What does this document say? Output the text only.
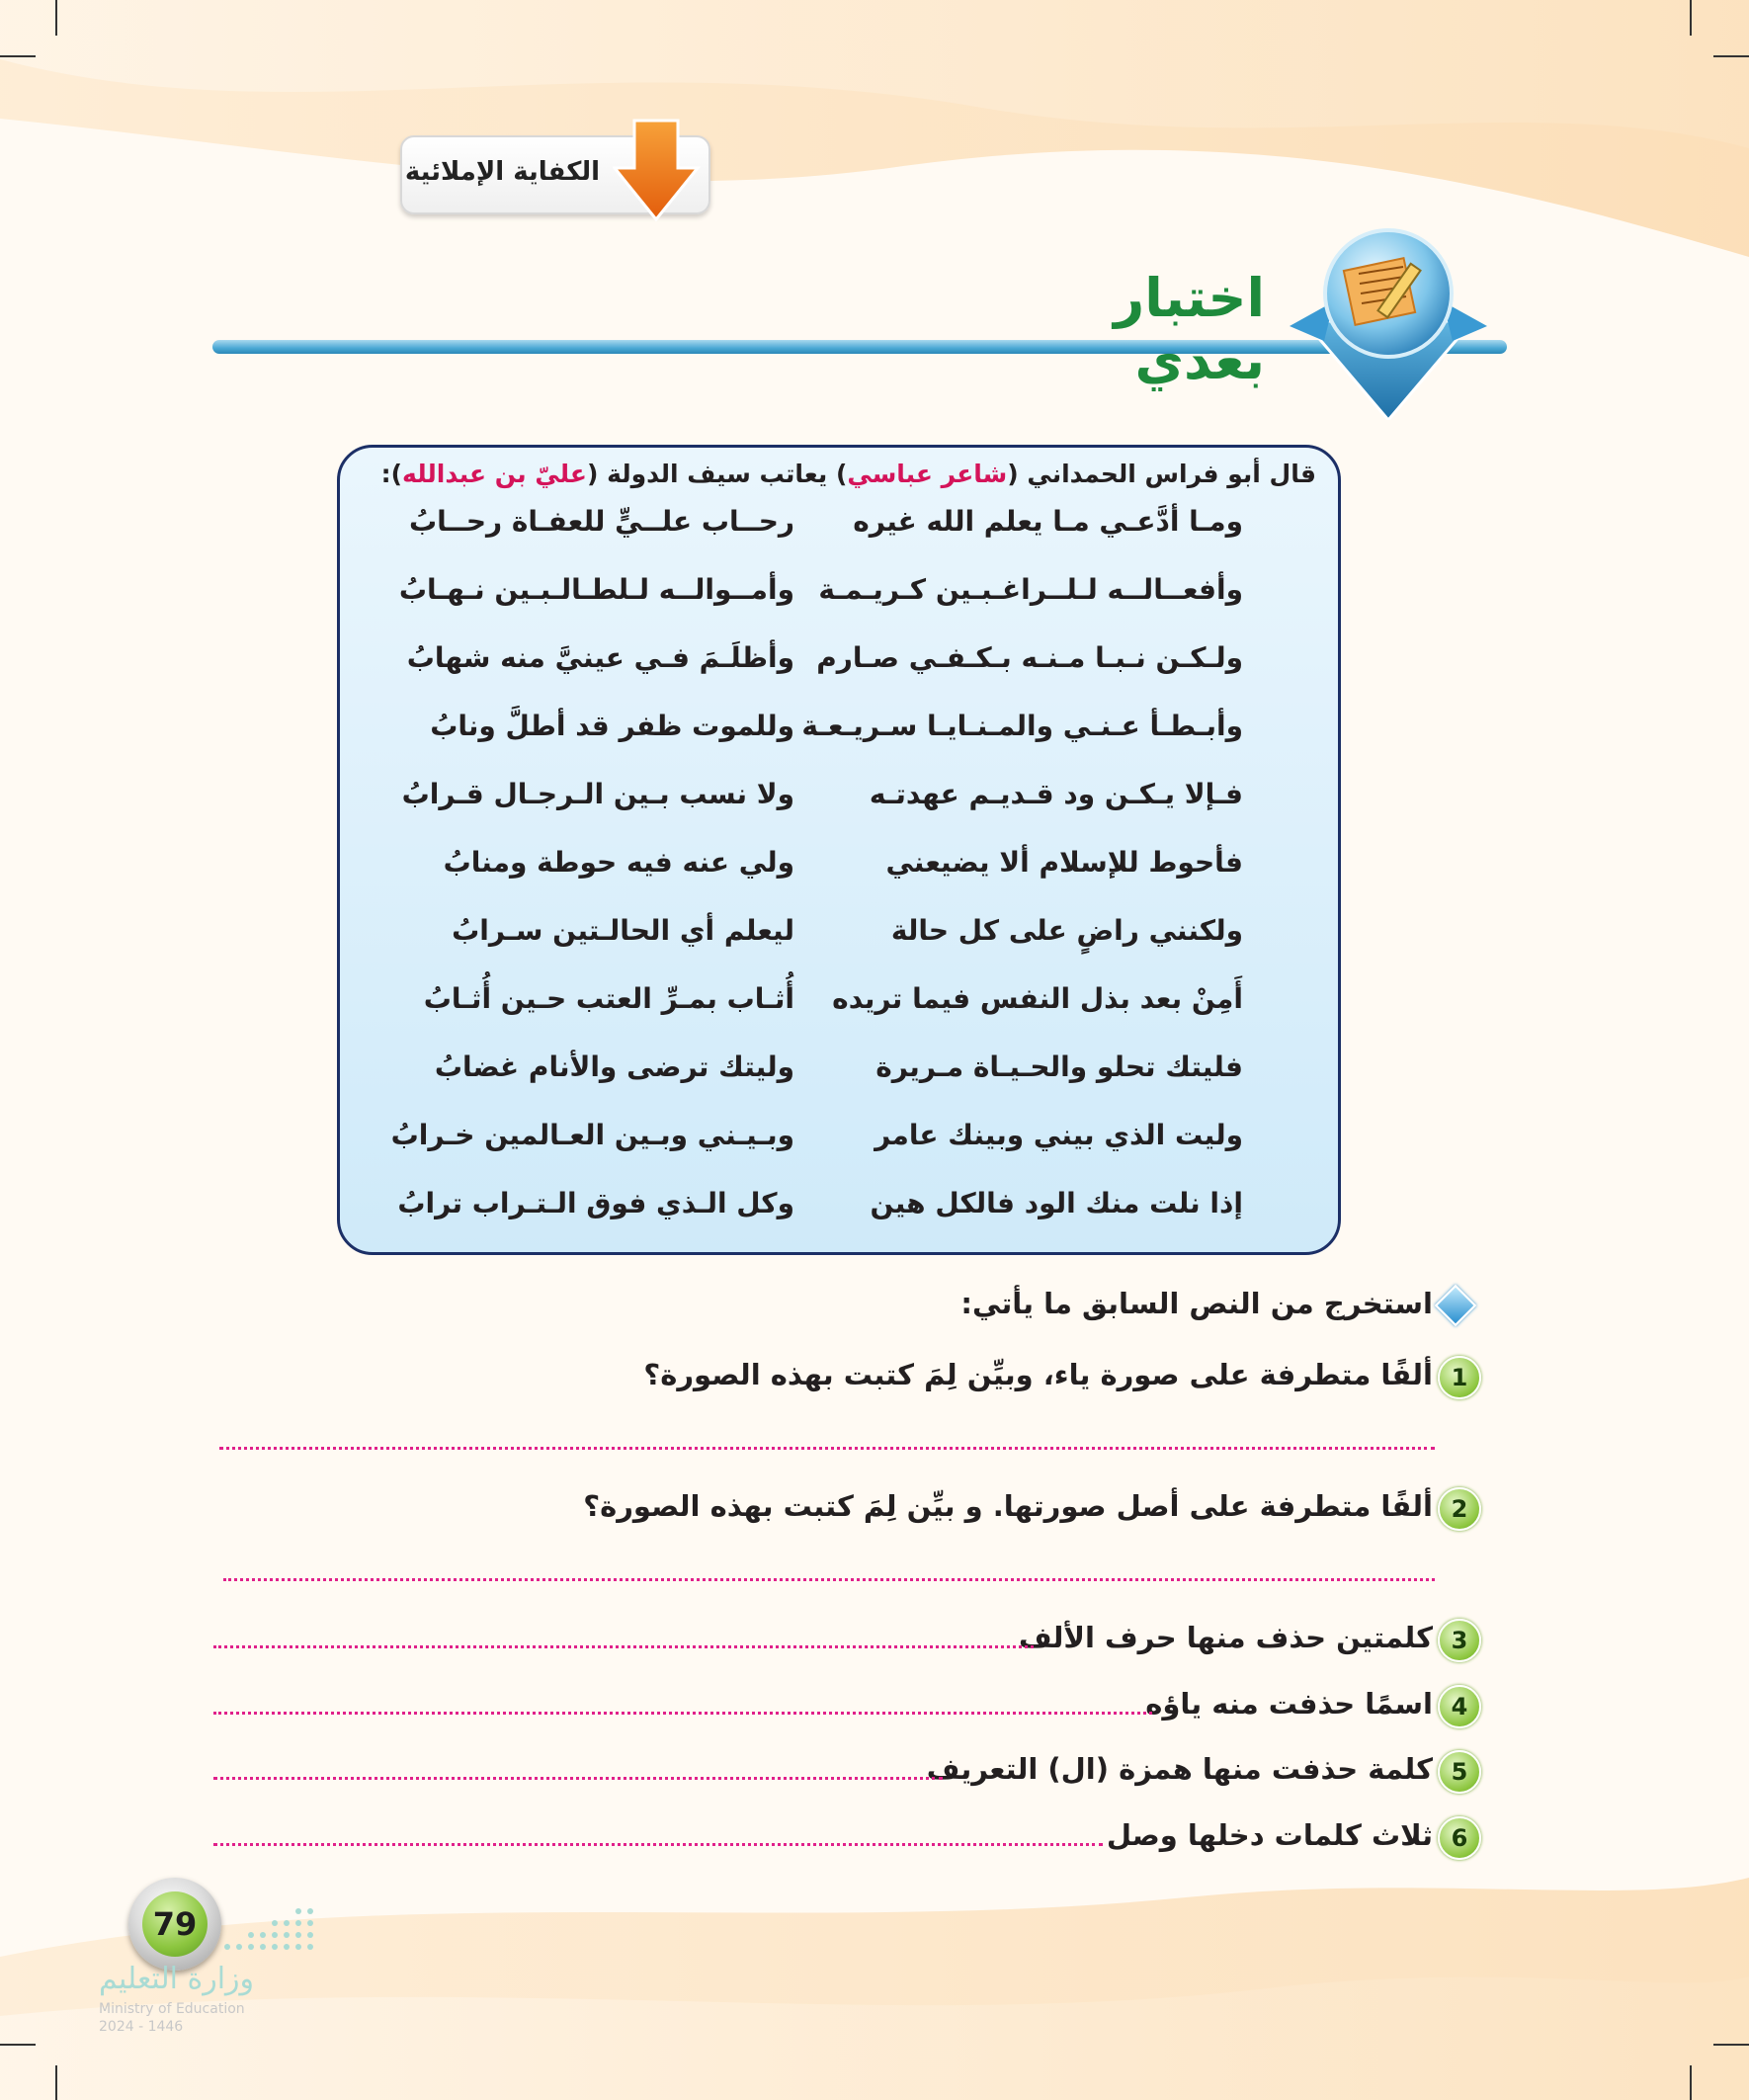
الكفاية الإملائية
اختبار بعدي
قال أبو فراس الحمداني (شاعر عباسي) يعاتب سيف الدولة (عليّ بن عبدالله):
ومـا أدَّعـي مـا يعلم الله غيره
رحــاب علــيٍّ للعفـاة رحــابُ
وأفعــالــه لـلــراغـبـين كـريـمـة
وأمــوالــه لـلطـالـبـين نـهـابُ
ولـكـن نـبـا مـنـه بـكـفـي صـارم
وأظلَـمَ فـي عينيَّ منه شهابُ
وأبـطـأ عـنـي والمـنـايـا سـريـعـة
وللموت ظفر قد أطلَّ ونابُ
فـإلا يـكـن ود قـديـم عهدتـه
ولا نسب بـين الـرجـال قـرابُ
فأحوط للإسلام ألا يضيعني
ولي عنه فيه حوطة ومنابُ
ولكنني راضٍ على كل حالة
ليعلم أي الحالـتين سـرابُ
أَمِنْ بعد بذل النفس فيما تريده
أُثـاب بمـرِّ العتب حـين أُثـابُ
فليتك تحلو والحـيـاة مـريرة
وليتك ترضى والأنام غضابُ
وليت الذي بيني وبينك عامر
وبـيـني وبـين العـالمين خـرابُ
إذا نلت منك الود فالكل هين
وكل الـذي فوق الـتـراب ترابُ
استخرج من النص السابق ما يأتي:
1
ألفًا متطرفة على صورة ياء، وبيِّن لِمَ كتبت بهذه الصورة؟
2
ألفًا متطرفة على أصل صورتها. و بيِّن لِمَ كتبت بهذه الصورة؟
3
كلمتين حذف منها حرف الألف
4
اسمًا حذفت منه ياؤه
5
كلمة حذفت منها همزة (ال) التعريف
6
ثلاث كلمات دخلها وصل
79
وزارة التعليم
Ministry of Education
2024 - 1446
